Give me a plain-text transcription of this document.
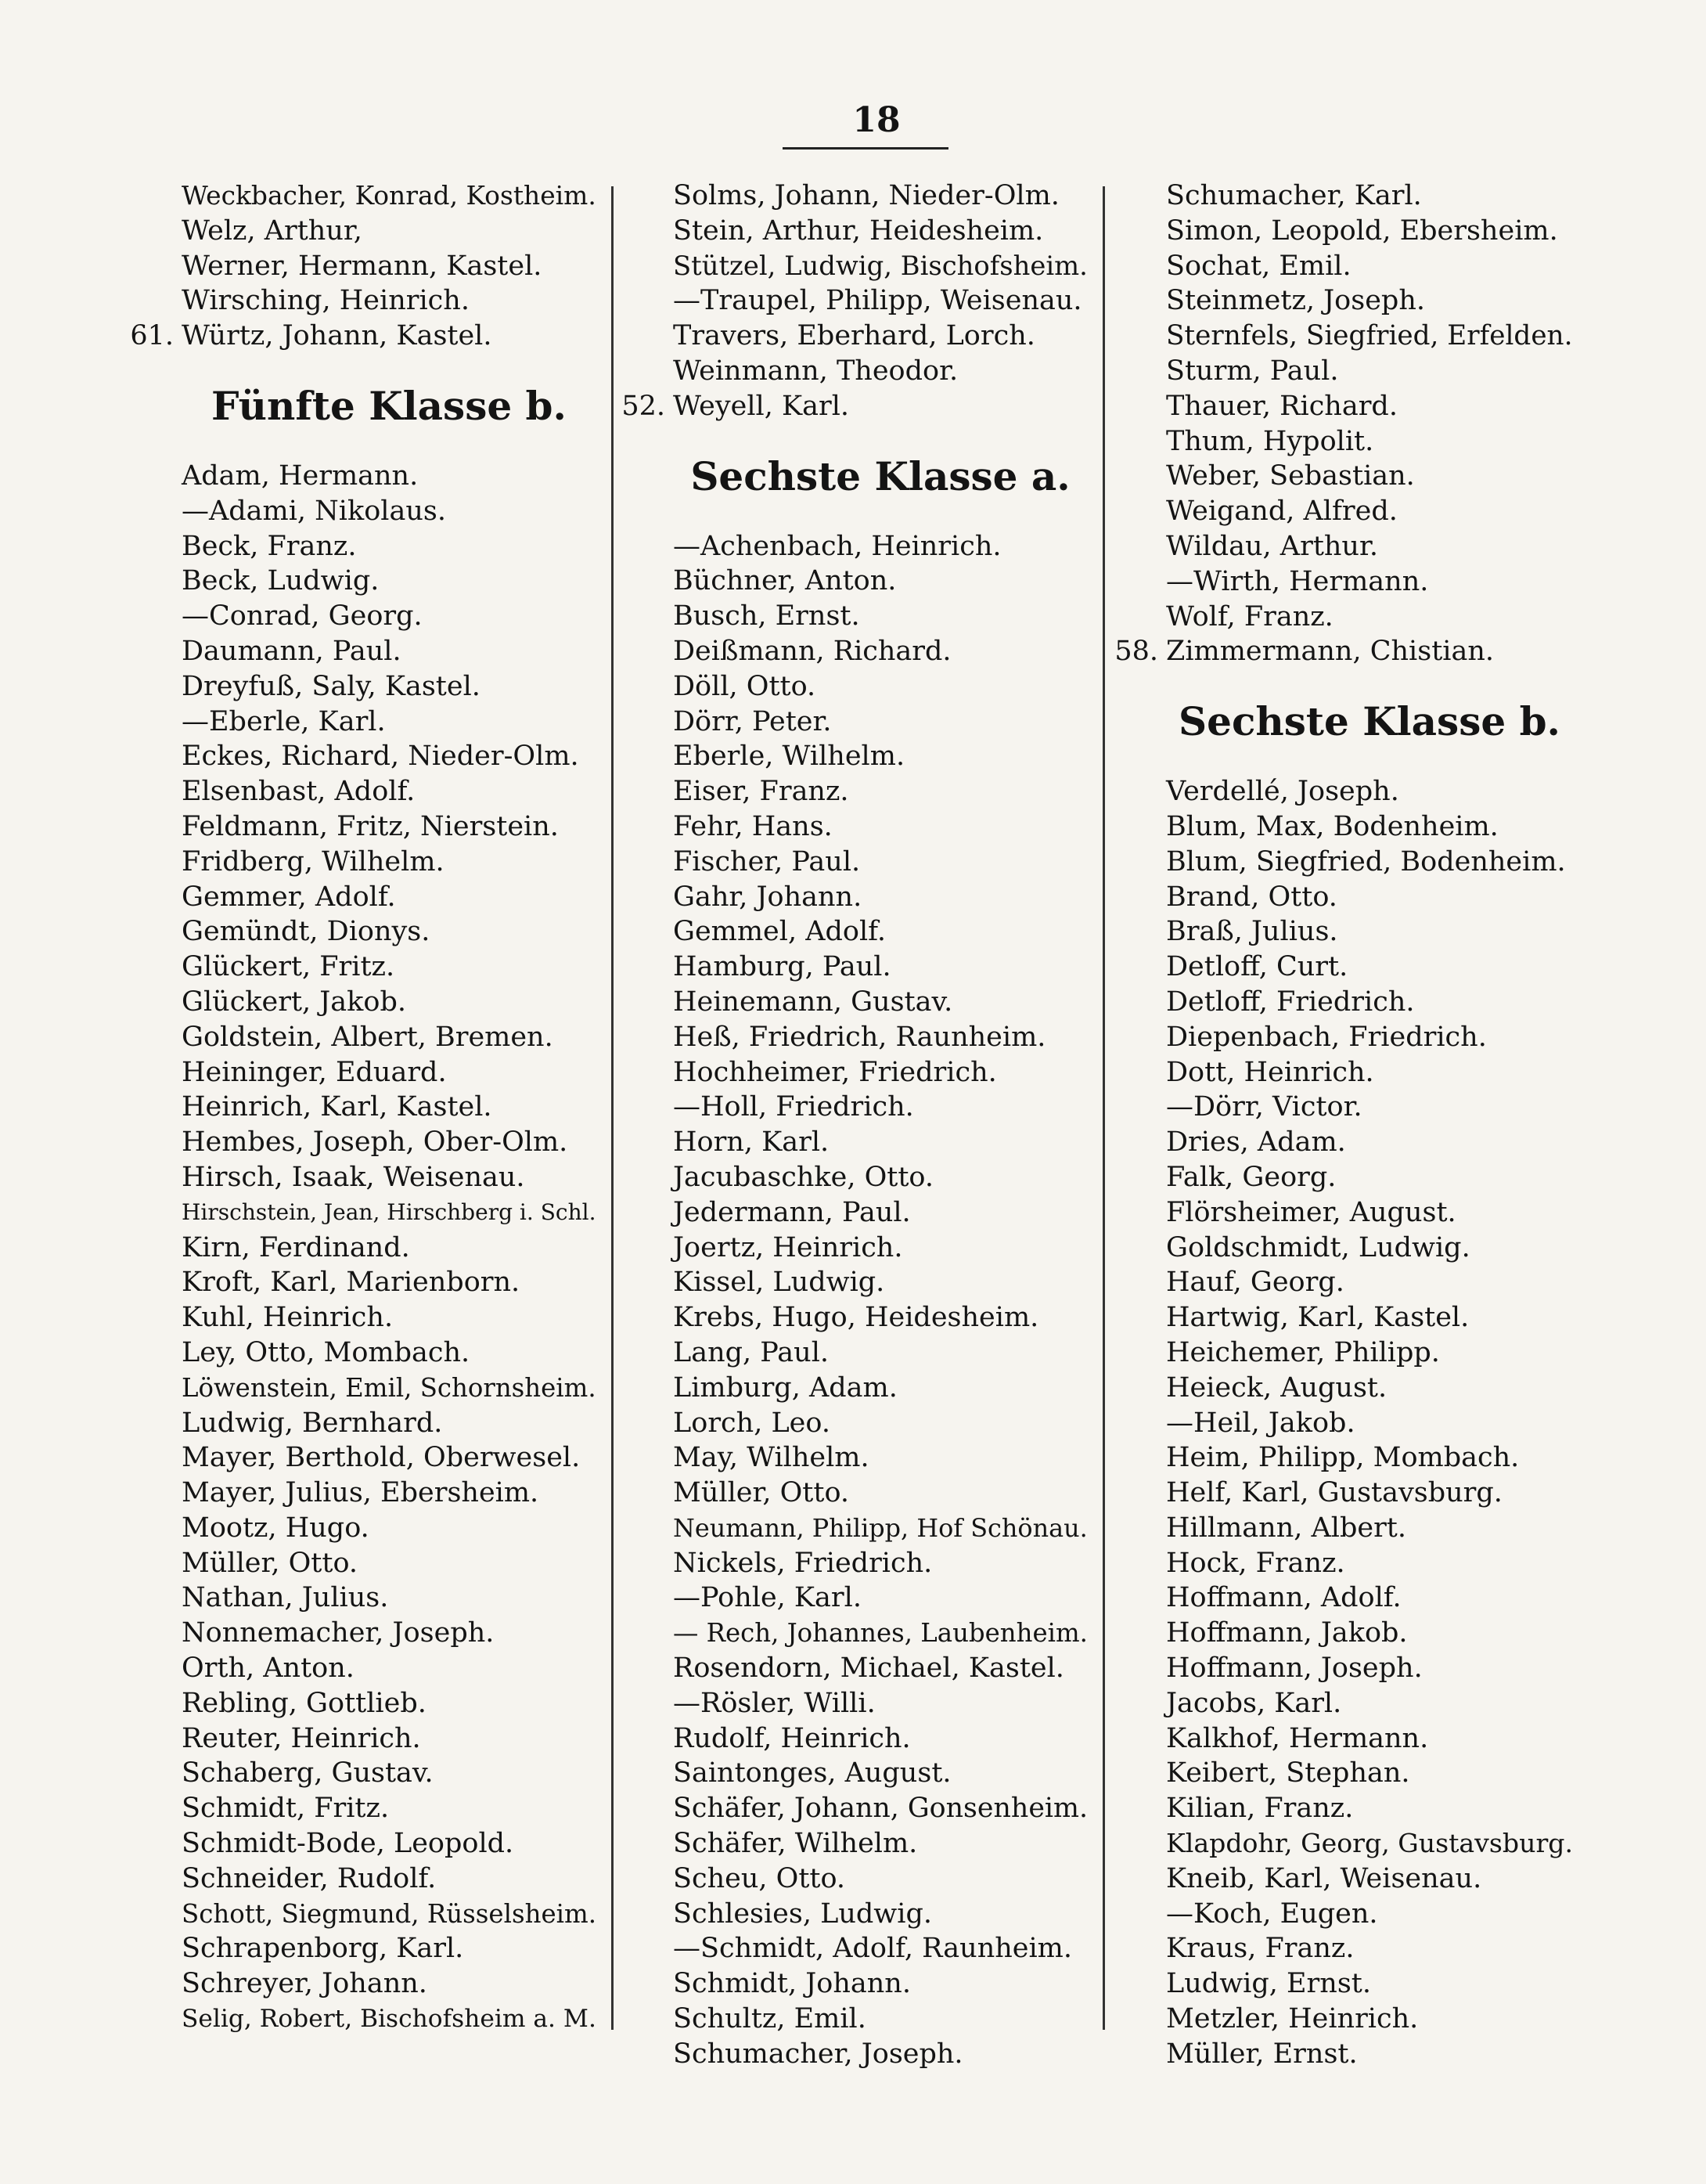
18
Weckbacher, Konrad, Kostheim.
Welz, Arthur,
Werner, Hermann, Kastel.
Wirsching, Heinrich.
61. Würtz, Johann, Kastel.
Fünfte Klasse b.
Adam, Hermann.
—Adami, Nikolaus.
Beck, Franz.
Beck, Ludwig.
—Conrad, Georg.
Daumann, Paul.
Dreyfuß, Saly, Kastel.
—Eberle, Karl.
Eckes, Richard, Nieder-Olm.
Elsenbast, Adolf.
Feldmann, Fritz, Nierstein.
Fridberg, Wilhelm.
Gemmer, Adolf.
Gemündt, Dionys.
Glückert, Fritz.
Glückert, Jakob.
Goldstein, Albert, Bremen.
Heininger, Eduard.
Heinrich, Karl, Kastel.
Hembes, Joseph, Ober-Olm.
Hirsch, Isaak, Weisenau.
Hirschstein, Jean, Hirschberg i. Schl.
Kirn, Ferdinand.
Kroft, Karl, Marienborn.
Kuhl, Heinrich.
Ley, Otto, Mombach.
Löwenstein, Emil, Schornsheim.
Ludwig, Bernhard.
Mayer, Berthold, Oberwesel.
Mayer, Julius, Ebersheim.
Mootz, Hugo.
Müller, Otto.
Nathan, Julius.
Nonnemacher, Joseph.
Orth, Anton.
Rebling, Gottlieb.
Reuter, Heinrich.
Schaberg, Gustav.
Schmidt, Fritz.
Schmidt-Bode, Leopold.
Schneider, Rudolf.
Schott, Siegmund, Rüsselsheim.
Schrapenborg, Karl.
Schreyer, Johann.
Selig, Robert, Bischofsheim a. M.
Solms, Johann, Nieder-Olm.
Stein, Arthur, Heidesheim.
Stützel, Ludwig, Bischofsheim.
—Traupel, Philipp, Weisenau.
Travers, Eberhard, Lorch.
Weinmann, Theodor.
52. Weyell, Karl.
Sechste Klasse a.
—Achenbach, Heinrich.
Büchner, Anton.
Busch, Ernst.
Deißmann, Richard.
Döll, Otto.
Dörr, Peter.
Eberle, Wilhelm.
Eiser, Franz.
Fehr, Hans.
Fischer, Paul.
Gahr, Johann.
Gemmel, Adolf.
Hamburg, Paul.
Heinemann, Gustav.
Heß, Friedrich, Raunheim.
Hochheimer, Friedrich.
—Holl, Friedrich.
Horn, Karl.
Jacubaschke, Otto.
Jedermann, Paul.
Joertz, Heinrich.
Kissel, Ludwig.
Krebs, Hugo, Heidesheim.
Lang, Paul.
Limburg, Adam.
Lorch, Leo.
May, Wilhelm.
Müller, Otto.
Neumann, Philipp, Hof Schönau.
Nickels, Friedrich.
—Pohle, Karl.
— Rech, Johannes, Laubenheim.
Rosendorn, Michael, Kastel.
—Rösler, Willi.
Rudolf, Heinrich.
Saintonges, August.
Schäfer, Johann, Gonsenheim.
Schäfer, Wilhelm.
Scheu, Otto.
Schlesies, Ludwig.
—Schmidt, Adolf, Raunheim.
Schmidt, Johann.
Schultz, Emil.
Schumacher, Joseph.
Schumacher, Karl.
Simon, Leopold, Ebersheim.
Sochat, Emil.
Steinmetz, Joseph.
Sternfels, Siegfried, Erfelden.
Sturm, Paul.
Thauer, Richard.
Thum, Hypolit.
Weber, Sebastian.
Weigand, Alfred.
Wildau, Arthur.
—Wirth, Hermann.
Wolf, Franz.
58. Zimmermann, Chistian.
Sechste Klasse b.
Verdellé, Joseph.
Blum, Max, Bodenheim.
Blum, Siegfried, Bodenheim.
Brand, Otto.
Braß, Julius.
Detloff, Curt.
Detloff, Friedrich.
Diepenbach, Friedrich.
Dott, Heinrich.
—Dörr, Victor.
Dries, Adam.
Falk, Georg.
Flörsheimer, August.
Goldschmidt, Ludwig.
Hauf, Georg.
Hartwig, Karl, Kastel.
Heichemer, Philipp.
Heieck, August.
—Heil, Jakob.
Heim, Philipp, Mombach.
Helf, Karl, Gustavsburg.
Hillmann, Albert.
Hock, Franz.
Hoffmann, Adolf.
Hoffmann, Jakob.
Hoffmann, Joseph.
Jacobs, Karl.
Kalkhof, Hermann.
Keibert, Stephan.
Kilian, Franz.
Klapdohr, Georg, Gustavsburg.
Kneib, Karl, Weisenau.
—Koch, Eugen.
Kraus, Franz.
Ludwig, Ernst.
Metzler, Heinrich.
Müller, Ernst.
